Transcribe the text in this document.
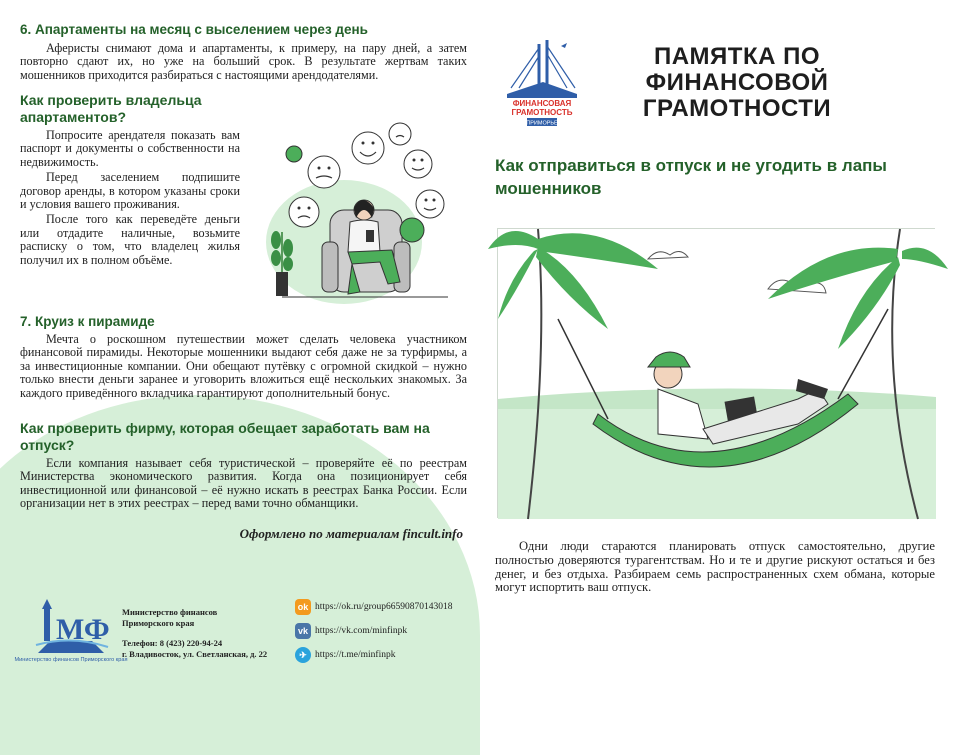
6. Апартаменты на месяц с выселением через день

Аферисты снимают дома и апартаменты, к примеру, на пару дней, а затем повторно сдают их, но уже на больший срок. В результате жертвам таких мошенников приходится разбираться с настоящими арендодателями.

Как проверить владельца апартаментов?

Попросите арендателя показать вам паспорт и документы о собственности на недвижимость.

Перед заселением подпишите договор аренды, в котором указаны сроки и условия вашего проживания.

После того как переведёте деньги или отдадите наличные, возьмите расписку о том, что владелец жилья получил их в полном объёме.

7. Круиз к пирамиде

Мечта о роскошном путешествии может сделать человека участником финансовой пирамиды. Некоторые мошенники выдают себя даже не за турфирмы, а за инвестиционные компании. Они обещают путёвку с огромной скидкой – нужно только внести деньги заранее и уговорить вложиться ещё нескольких знакомых. За каждого приведённого вкладчика гарантируют дополнительный бонус.

Как проверить фирму, которая обещает заработать вам на отпуск?

Если компания называет себя туристической – проверяйте её по реестрам Министерства экономического развития. Когда она позиционирует себя инвестиционной или финансовой – её нужно искать в реестрах Банка России. Если организации нет в этих реестрах – перед вами точно обманщики.

Оформлено по материалам fincult.info
МФ
Министерство финансов Приморского края
Министерство финансов
Приморского края
Телефон: 8 (423) 220-94-24
г. Владивосток, ул. Светланская, д. 22
ok https://ok.ru/group66590870143018
vk https://vk.com/minfinpk
✈ https://t.me/minfinpk
ФИНАНСОВАЯ
ГРАМОТНОСТЬ
ПРИМОРЬЕ
ПАМЯТКА ПО
ФИНАНСОВОЙ
ГРАМОТНОСТИ
Как отправиться в отпуск и не угодить в лапы мошенников

Одни люди стараются планировать отпуск самостоятельно, другие полностью доверяются турагентствам. Но и те и другие рискуют остаться и без денег, и без отдыха. Разбираем семь распространенных схем обмана, которые могут испортить ваш отпуск.
